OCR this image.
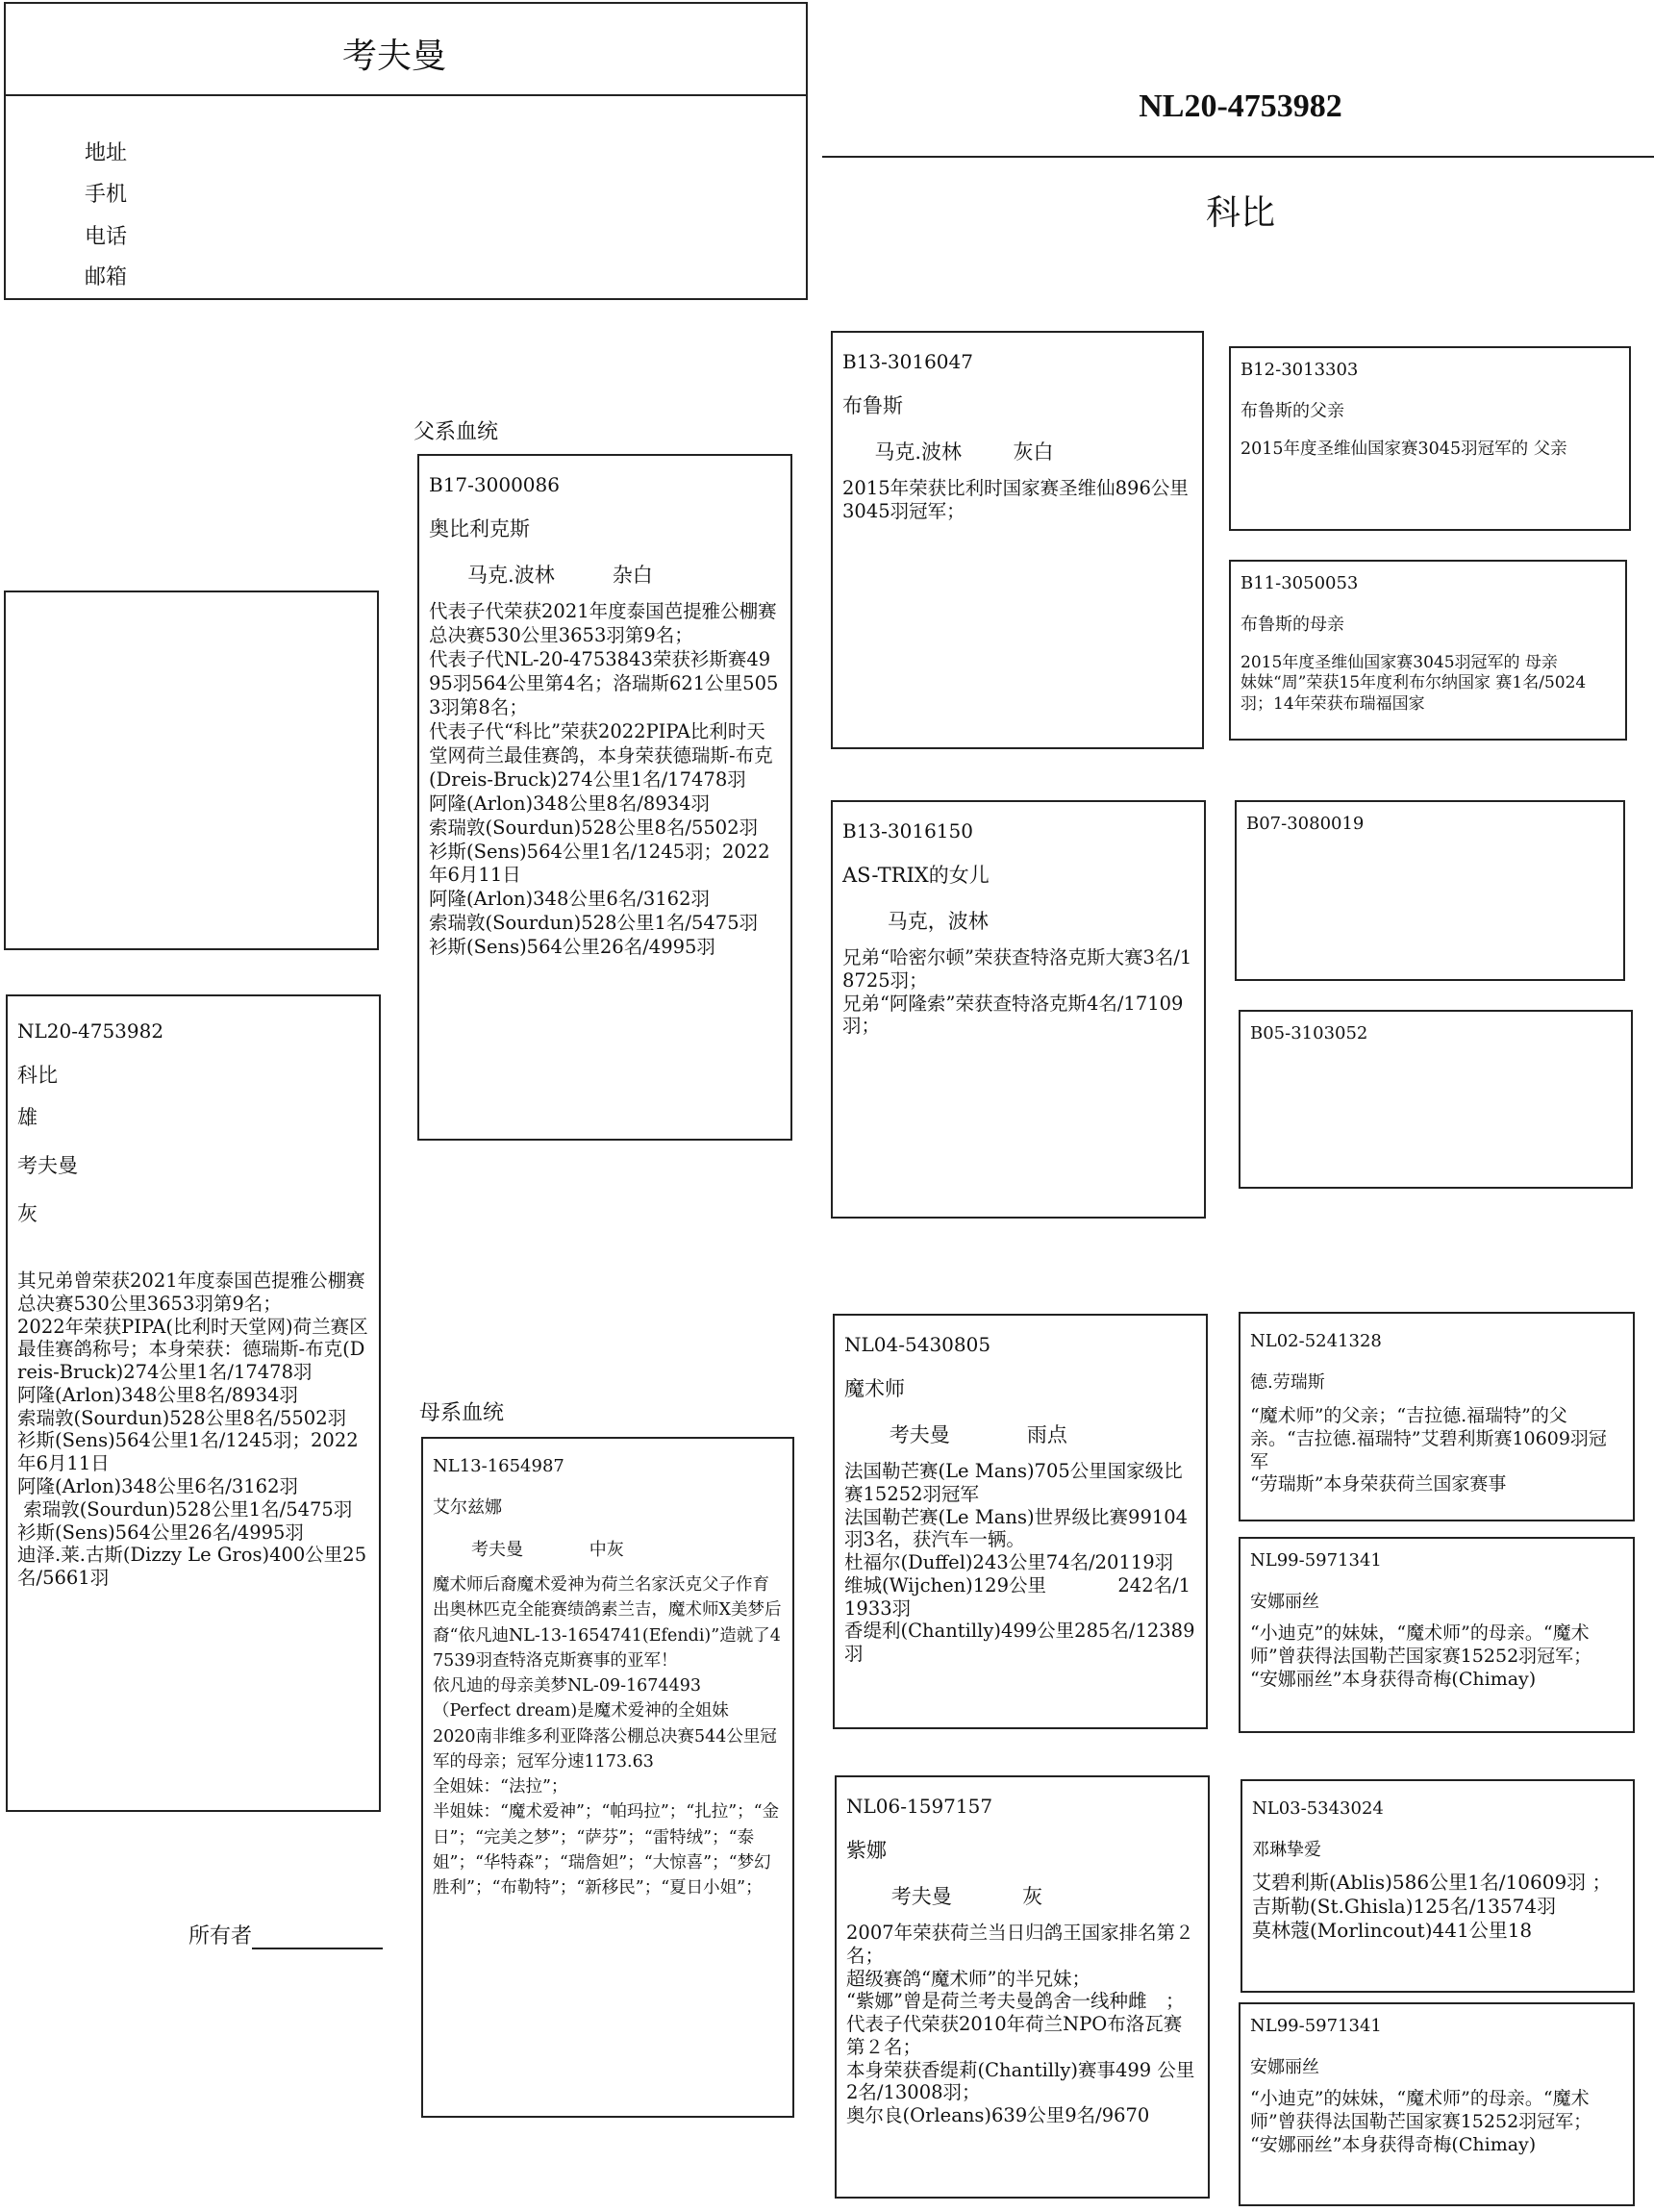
考夫曼
地址
手机
电话
邮箱
NL20-4753982
科比
NL20-4753982
科比
雄
考夫曼
灰
其兄弟曾荣获2021年度泰国芭提雅公棚赛总决赛530公里3653羽第9名；
2022年荣获PIPA(比利时天堂网)荷兰赛区最佳赛鸽称号；本身荣获：德瑞斯-布克(Dreis-Bruck)274公里1名/17478羽
阿隆(Arlon)348公里8名/8934羽
索瑞敦(Sourdun)528公里8名/5502羽
衫斯(Sens)564公里1名/1245羽；2022年6月11日
阿隆(Arlon)348公里6名/3162羽
索瑞敦(Sourdun)528公里1名/5475羽
衫斯(Sens)564公里26名/4995羽
迪泽.莱.古斯(Dizzy Le Gros)400公里25名/5661羽
父系血统
母系血统
所有者
B17-3000086
奥比利克斯
马克.波林         杂白
代表子代荣获2021年度泰国芭提雅公棚赛总决赛530公里3653羽第9名；
代表子代NL-20-4753843荣获衫斯赛4995羽564公里第4名；洛瑞斯621公里5053羽第8名；
代表子代“科比”荣获2022PIPA比利时天堂网荷兰最佳赛鸽，本身荣获德瑞斯-布克(Dreis-Bruck)274公里1名/17478羽
阿隆(Arlon)348公里8名/8934羽
索瑞敦(Sourdun)528公里8名/5502羽
衫斯(Sens)564公里1名/1245羽；2022年6月11日
阿隆(Arlon)348公里6名/3162羽
索瑞敦(Sourdun)528公里1名/5475羽
衫斯(Sens)564公里26名/4995羽
NL13-1654987
艾尔兹娜
考夫曼            中灰
魔术师后裔魔术爱神为荷兰名家沃克父子作育出奥林匹克全能赛绩鸽素兰吉，魔术师X美梦后裔“依凡迪NL-13-1654741(Efendi)”造就了47539羽查特洛克斯赛事的亚军！
依凡迪的母亲美梦NL-09-1674493
（Perfect dream)是魔术爱神的全姐妹
2020南非维多利亚降落公棚总决赛544公里冠军的母亲；冠军分速1173.63
全姐妹：“法拉”；
半姐妹：“魔术爱神”；“帕玛拉”；“扎拉”；“金日”；“完美之梦”；“萨芬”；“雷特绒”；“泰姐”；“华特森”；“瑞詹妲”；“大惊喜”；“梦幻胜利”；“布勒特”；“新移民”；“夏日小姐”；
B13-3016047
布鲁斯
马克.波林        灰白
2015年荣获比利时国家赛圣维仙896公里3045羽冠军；
B13-3016150
AS-TRIX的女儿
马克，波林
兄弟“哈密尔顿”荣获查特洛克斯大赛3名/18725羽；
兄弟“阿隆索”荣获查特洛克斯4名/17109羽；
NL04-5430805
魔术师
考夫曼            雨点
法国勒芒赛(Le Mans)705公里国家级比赛15252羽冠军
法国勒芒赛(Le Mans)世界级比赛99104羽3名，获汽车一辆。
杜福尔(Duffel)243公里74名/20119羽
维城(Wijchen)129公里            242名/11933羽
香缇利(Chantilly)499公里285名/12389羽
NL06-1597157
紫娜
考夫曼           灰
2007年荣获荷兰当日归鸽王国家排名第２名；
超级赛鸽“魔术师”的半兄妹；
“紫娜”曾是荷兰考夫曼鸽舍一线种雌　；
代表子代荣获2010年荷兰NPO布洛瓦赛第２名；
本身荣获香缇莉(Chantilly)赛事499 公里2名/13008羽；
奥尔良(Orleans)639公里9名/9670
B12-3013303
布鲁斯的父亲
2015年度圣维仙国家赛3045羽冠军的 父亲
B11-3050053
布鲁斯的母亲
2015年度圣维仙国家赛3045羽冠军的 母亲
妹妹“周”荣获15年度利布尔纳国家 赛1名/5024羽；14年荣获布瑞福国家
B07-3080019
B05-3103052
NL02-5241328
德.劳瑞斯
“魔术师”的父亲；“吉拉德.福瑞特”的父亲。“吉拉德.福瑞特”艾碧利斯赛10609羽冠军
“劳瑞斯”本身荣获荷兰国家赛事
NL99-5971341
安娜丽丝
“小迪克”的妹妹，“魔术师”的母亲。“魔术师”曾获得法国勒芒国家赛15252羽冠军；
“安娜丽丝”本身获得奇梅(Chimay)
NL03-5343024
邓琳挚爱
艾碧利斯(Ablis)586公里1名/10609羽 ；
吉斯勒(St.Ghisla)125名/13574羽
莫林蔻(Morlincout)441公里18
NL99-5971341
安娜丽丝
“小迪克”的妹妹，“魔术师”的母亲。“魔术师”曾获得法国勒芒国家赛15252羽冠军；
“安娜丽丝”本身获得奇梅(Chimay)
